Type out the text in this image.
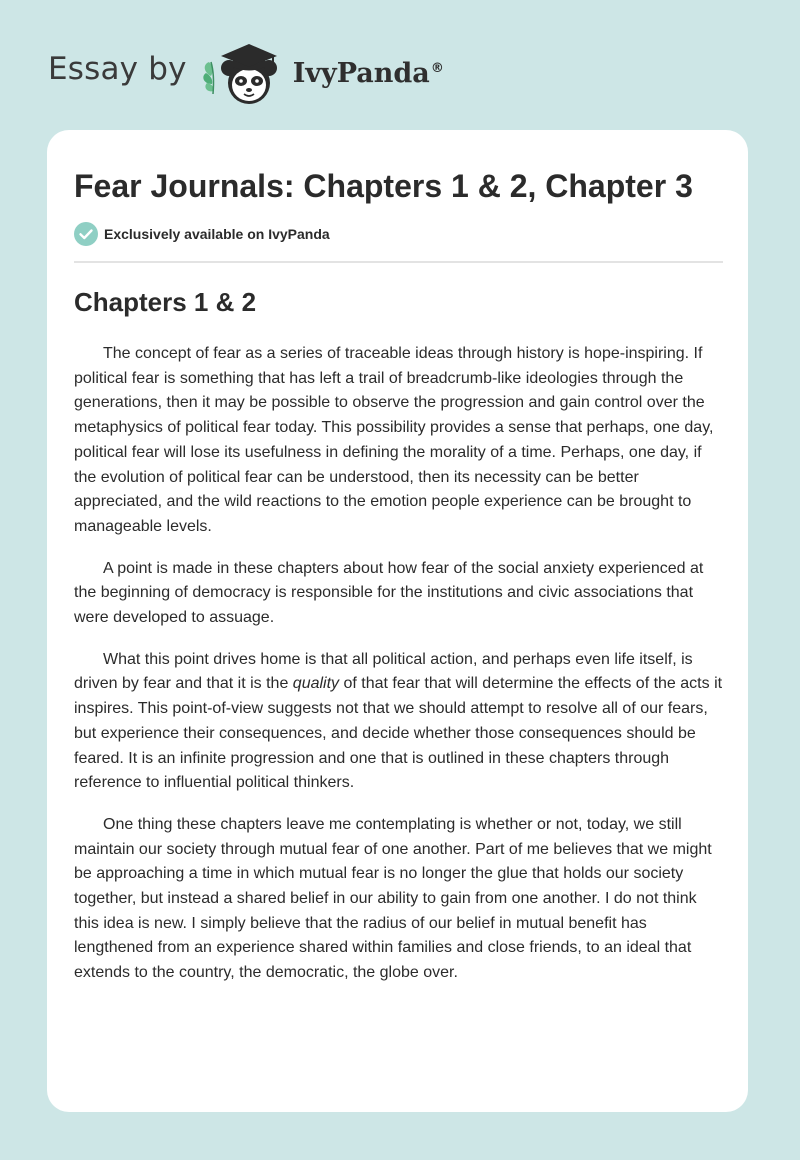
Essay by	IvyPanda®
Fear Journals: Chapters 1 & 2, Chapter 3
Exclusively available on IvyPanda
Chapters 1 & 2

The concept of fear as a series of traceable ideas through history is hope-inspiring. If political fear is something that has left a trail of breadcrumb-like ideologies through the generations, then it may be possible to observe the progression and gain control over the metaphysics of political fear today. This possibility provides a sense that perhaps, one day, political fear will lose its usefulness in defining the morality of a time. Perhaps, one day, if the evolution of political fear can be understood, then its necessity can be better appreciated, and the wild reactions to the emotion people experience can be brought to manageable levels.

A point is made in these chapters about how fear of the social anxiety experienced at the beginning of democracy is responsible for the institutions and civic associations that were developed to assuage.

What this point drives home is that all political action, and perhaps even life itself, is driven by fear and that it is the quality of that fear that will determine the effects of the acts it inspires. This point-of-view suggests not that we should attempt to resolve all of our fears, but experience their consequences, and decide whether those consequences should be feared. It is an infinite progression and one that is outlined in these chapters through reference to influential political thinkers.

One thing these chapters leave me contemplating is whether or not, today, we still maintain our society through mutual fear of one another. Part of me believes that we might be approaching a time in which mutual fear is no longer the glue that holds our society together, but instead a shared belief in our ability to gain from one another. I do not think this idea is new. I simply believe that the radius of our belief in mutual benefit has lengthened from an experience shared within families and close friends, to an ideal that extends to the country, the democratic, the globe over.
